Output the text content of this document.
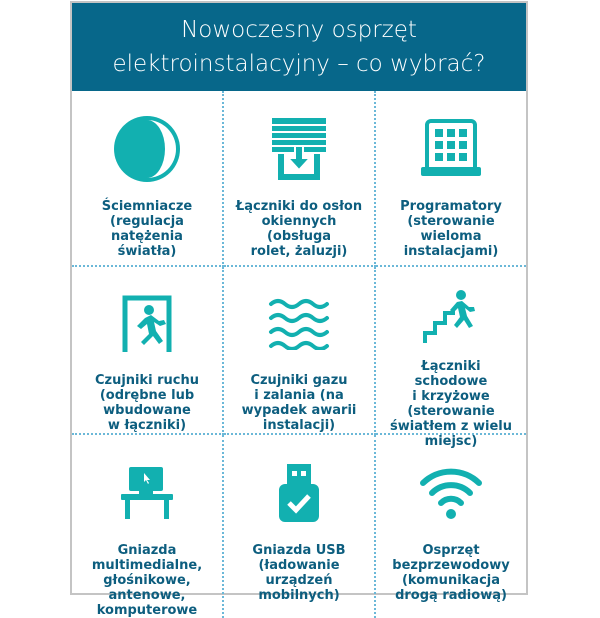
Nowoczesny osprzęt
elektroinstalacyjny – co wybrać?
Ściemniacze
(regulacja
natężenia światła)
Łączniki do osłon
okiennych (obsługa
rolet, żaluzji)
Programatory
(sterowanie
wieloma
instalacjami)
Czujniki ruchu
(odrębne lub
wbudowane
w łączniki)
Czujniki gazu
i zalania (na
wypadek awarii
instalacji)
Łączniki schodowe
i krzyżowe
(sterowanie
światłem z wielu
miejsc)
Gniazda
multimedialne,
głośnikowe,
antenowe,
komputerowe
Gniazda USB
(ładowanie
urządzeń
mobilnych)
Osprzęt
bezprzewodowy
(komunikacja
drogą radiową)
